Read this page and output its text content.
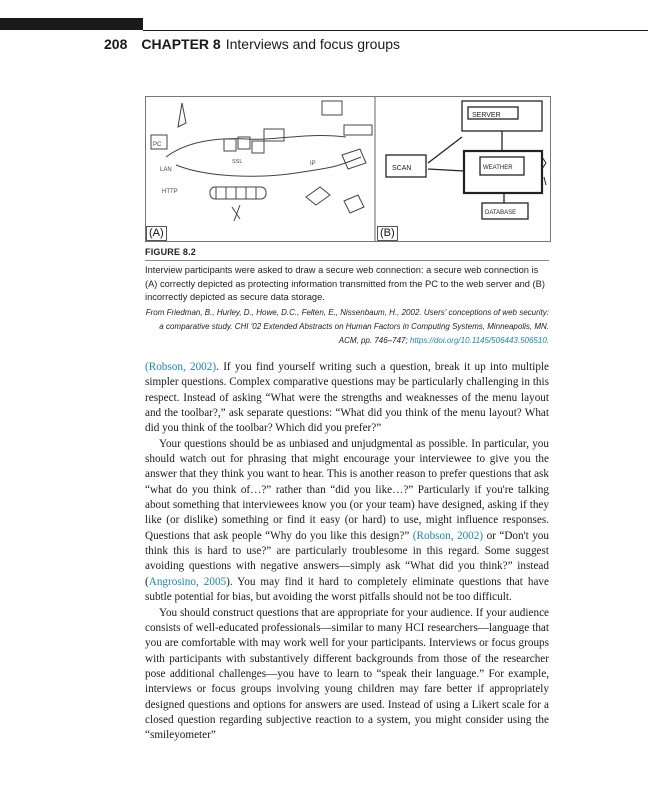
208 CHAPTER 8 Interviews and focus groups
PC
LAN
HTTP
SSL	IP
SCAN
SERVER
WEATHER
DATABASE
(A)	(B)
FIGURE 8.2
Interview participants were asked to draw a secure web connection: a secure web connection is (A) correctly depicted as protecting information transmitted from the PC to the web server and (B) incorrectly depicted as secure data storage.
From Friedman, B., Hurley, D., Howe, D.C., Felten, E., Nissenbaum, H., 2002. Users' conceptions of web security: a comparative study. CHI '02 Extended Abstracts on Human Factors in Computing Systems, Minneapolis, MN. ACM, pp. 746–747; https://doi.org/10.1145/506443.506510.

(Robson, 2002). If you find yourself writing such a question, break it up into multiple simpler questions. Complex comparative questions may be particularly challenging in this respect. Instead of asking “What were the strengths and weaknesses of the menu layout and the toolbar?,” ask separate questions: “What did you think of the menu layout? What did you think of the toolbar? Which did you prefer?”

Your questions should be as unbiased and unjudgmental as possible. In particular, you should watch out for phrasing that might encourage your interviewee to give you the answer that they think you want to hear. This is another reason to prefer questions that ask “what do you think of…?” rather than “did you like…?” Particularly if you're talking about something that interviewees know you (or your team) have designed, asking if they like (or dislike) something or find it easy (or hard) to use, might influence responses. Questions that ask people “Why do you like this design?” (Robson, 2002) or “Don't you think this is hard to use?” are particularly troublesome in this regard. Some suggest avoiding questions with negative answers—simply ask “What did you think?” instead (Angrosino, 2005). You may find it hard to completely eliminate questions that have subtle potential for bias, but avoiding the worst pitfalls should not be too difficult.

You should construct questions that are appropriate for your audience. If your audience consists of well-educated professionals—similar to many HCI researchers—language that you are comfortable with may work well for your participants. Interviews or focus groups with participants with substantively different backgrounds from those of the researcher pose additional challenges—you have to learn to “speak their language.” For example, interviews or focus groups involving young children may fare better if appropriately designed questions and options for answers are used. Instead of using a Likert scale for a closed question regarding subjective reaction to a system, you might consider using the “smileyometer”
